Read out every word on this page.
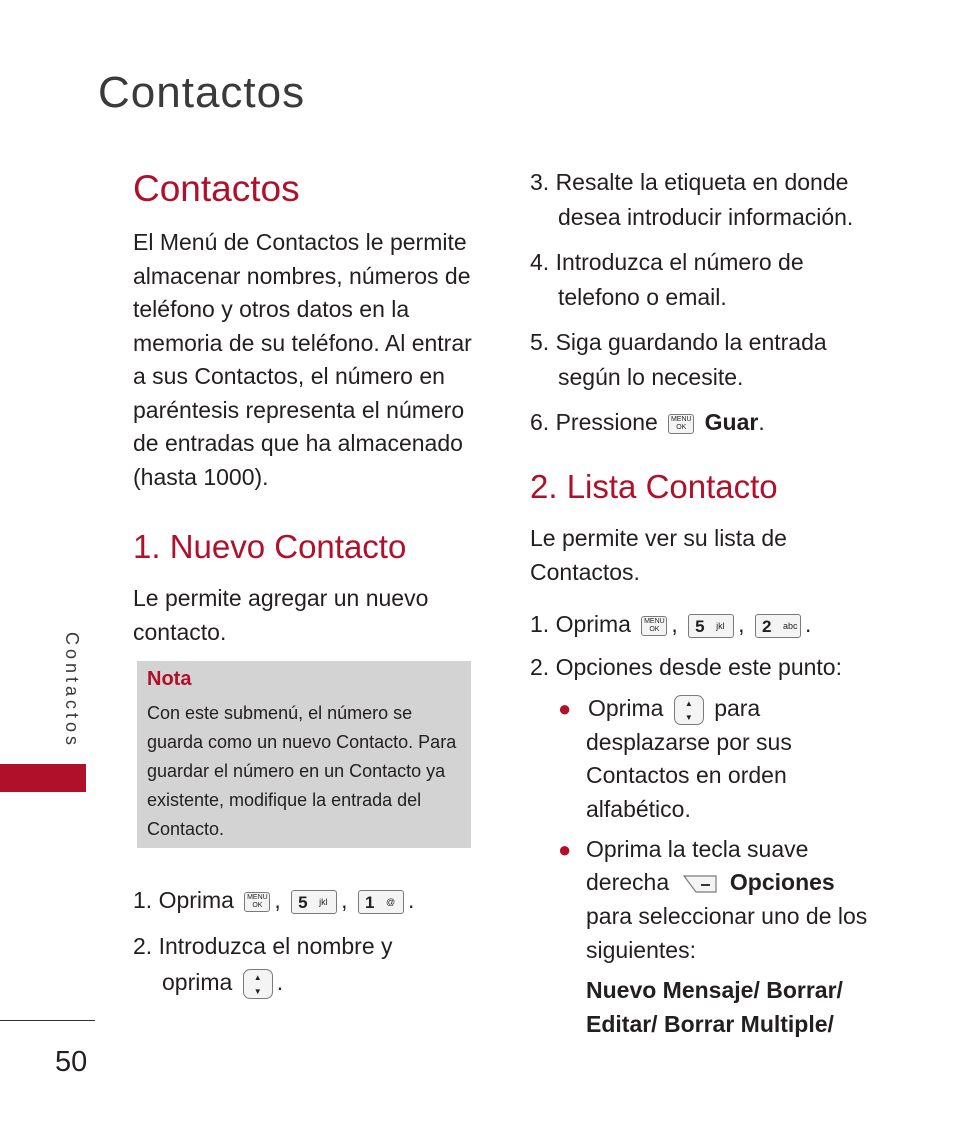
Contactos
Contactos
El Menú de Contactos le permite almacenar nombres, números de teléfono y otros datos en la memoria de su teléfono. Al entrar a sus Contactos, el número en paréntesis representa el número de entradas que ha almacenado (hasta 1000).
1. Nuevo Contacto
Le permite agregar un nuevo contacto.
Nota
Con este submenú, el número se guarda como un nuevo Contacto. Para guardar el número en un Contacto ya existente, modifique la entrada del Contacto.
1. Oprima MENU
OK , 5 jkl , 1 @ .
2. Introduzca el nombre y
oprima	▲
▼ .
3. Resalte la etiqueta en donde
desea introducir información.
4. Introduzca el número de
telefono o email.
5. Siga guardando la entrada
según lo necesite.
6. Pressione MENU
OK Guar.
2. Lista Contacto
Le permite ver su lista de Contactos.
1. Oprima MENU
OK , 5 jkl , 2 abc .
2. Opciones desde este punto:
● Oprima	▲
▼ para
desplazarse por sus
Contactos en orden
alfabético.
● Oprima la tecla suave
derecha	Opciones
para seleccionar uno de los
siguientes:
Nuevo Mensaje/ Borrar/
Editar/ Borrar Multiple/
Contactos
50
